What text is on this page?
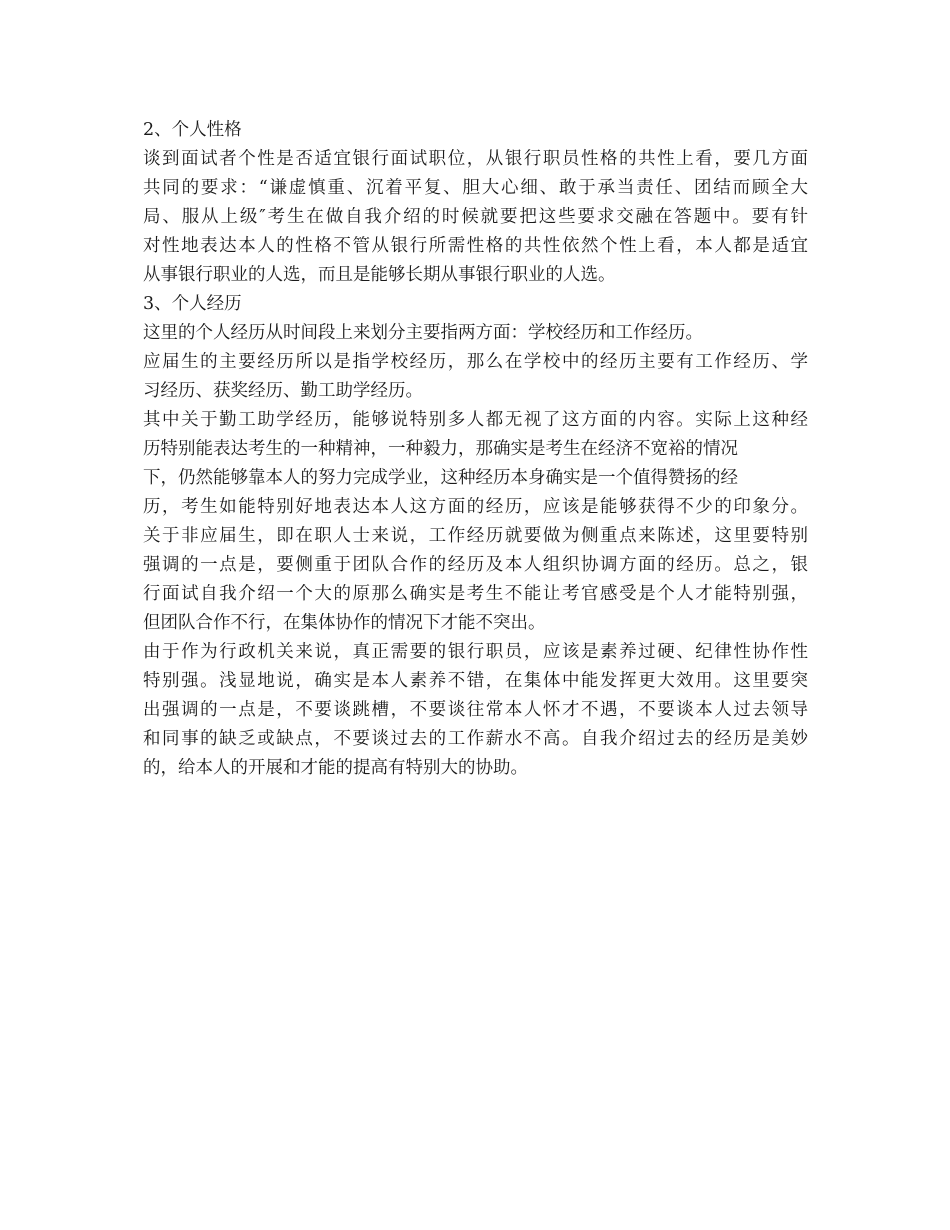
2、个人性格
谈到面试者个性是否适宜银行面试职位，从银行职员性格的共性上看，要几方面
共同的要求：“谦虚慎重、沉着平复、胆大心细、敢于承当责任、团结而顾全大
局、服从上级″考生在做自我介绍的时候就要把这些要求交融在答题中。要有针
对性地表达本人的性格不管从银行所需性格的共性依然个性上看，本人都是适宜
从事银行职业的人选，而且是能够长期从事银行职业的人选。
3、个人经历
这里的个人经历从时间段上来划分主要指两方面：学校经历和工作经历。
应届生的主要经历所以是指学校经历，那么在学校中的经历主要有工作经历、学
习经历、获奖经历、勤工助学经历。
其中关于勤工助学经历，能够说特别多人都无视了这方面的内容。实际上这种经
历特别能表达考生的一种精神，一种毅力，那确实是考生在经济不宽裕的情况
下，仍然能够靠本人的努力完成学业，这种经历本身确实是一个值得赞扬的经
历，考生如能特别好地表达本人这方面的经历，应该是能够获得不少的印象分。
关于非应届生，即在职人士来说，工作经历就要做为侧重点来陈述，这里要特别
强调的一点是，要侧重于团队合作的经历及本人组织协调方面的经历。总之，银
行面试自我介绍一个大的原那么确实是考生不能让考官感受是个人才能特别强，
但团队合作不行，在集体协作的情况下才能不突出。
由于作为行政机关来说，真正需要的银行职员，应该是素养过硬、纪律性协作性
特别强。浅显地说，确实是本人素养不错，在集体中能发挥更大效用。这里要突
出强调的一点是，不要谈跳槽，不要谈往常本人怀才不遇，不要谈本人过去领导
和同事的缺乏或缺点，不要谈过去的工作薪水不高。自我介绍过去的经历是美妙
的，给本人的开展和才能的提高有特别大的协助。
